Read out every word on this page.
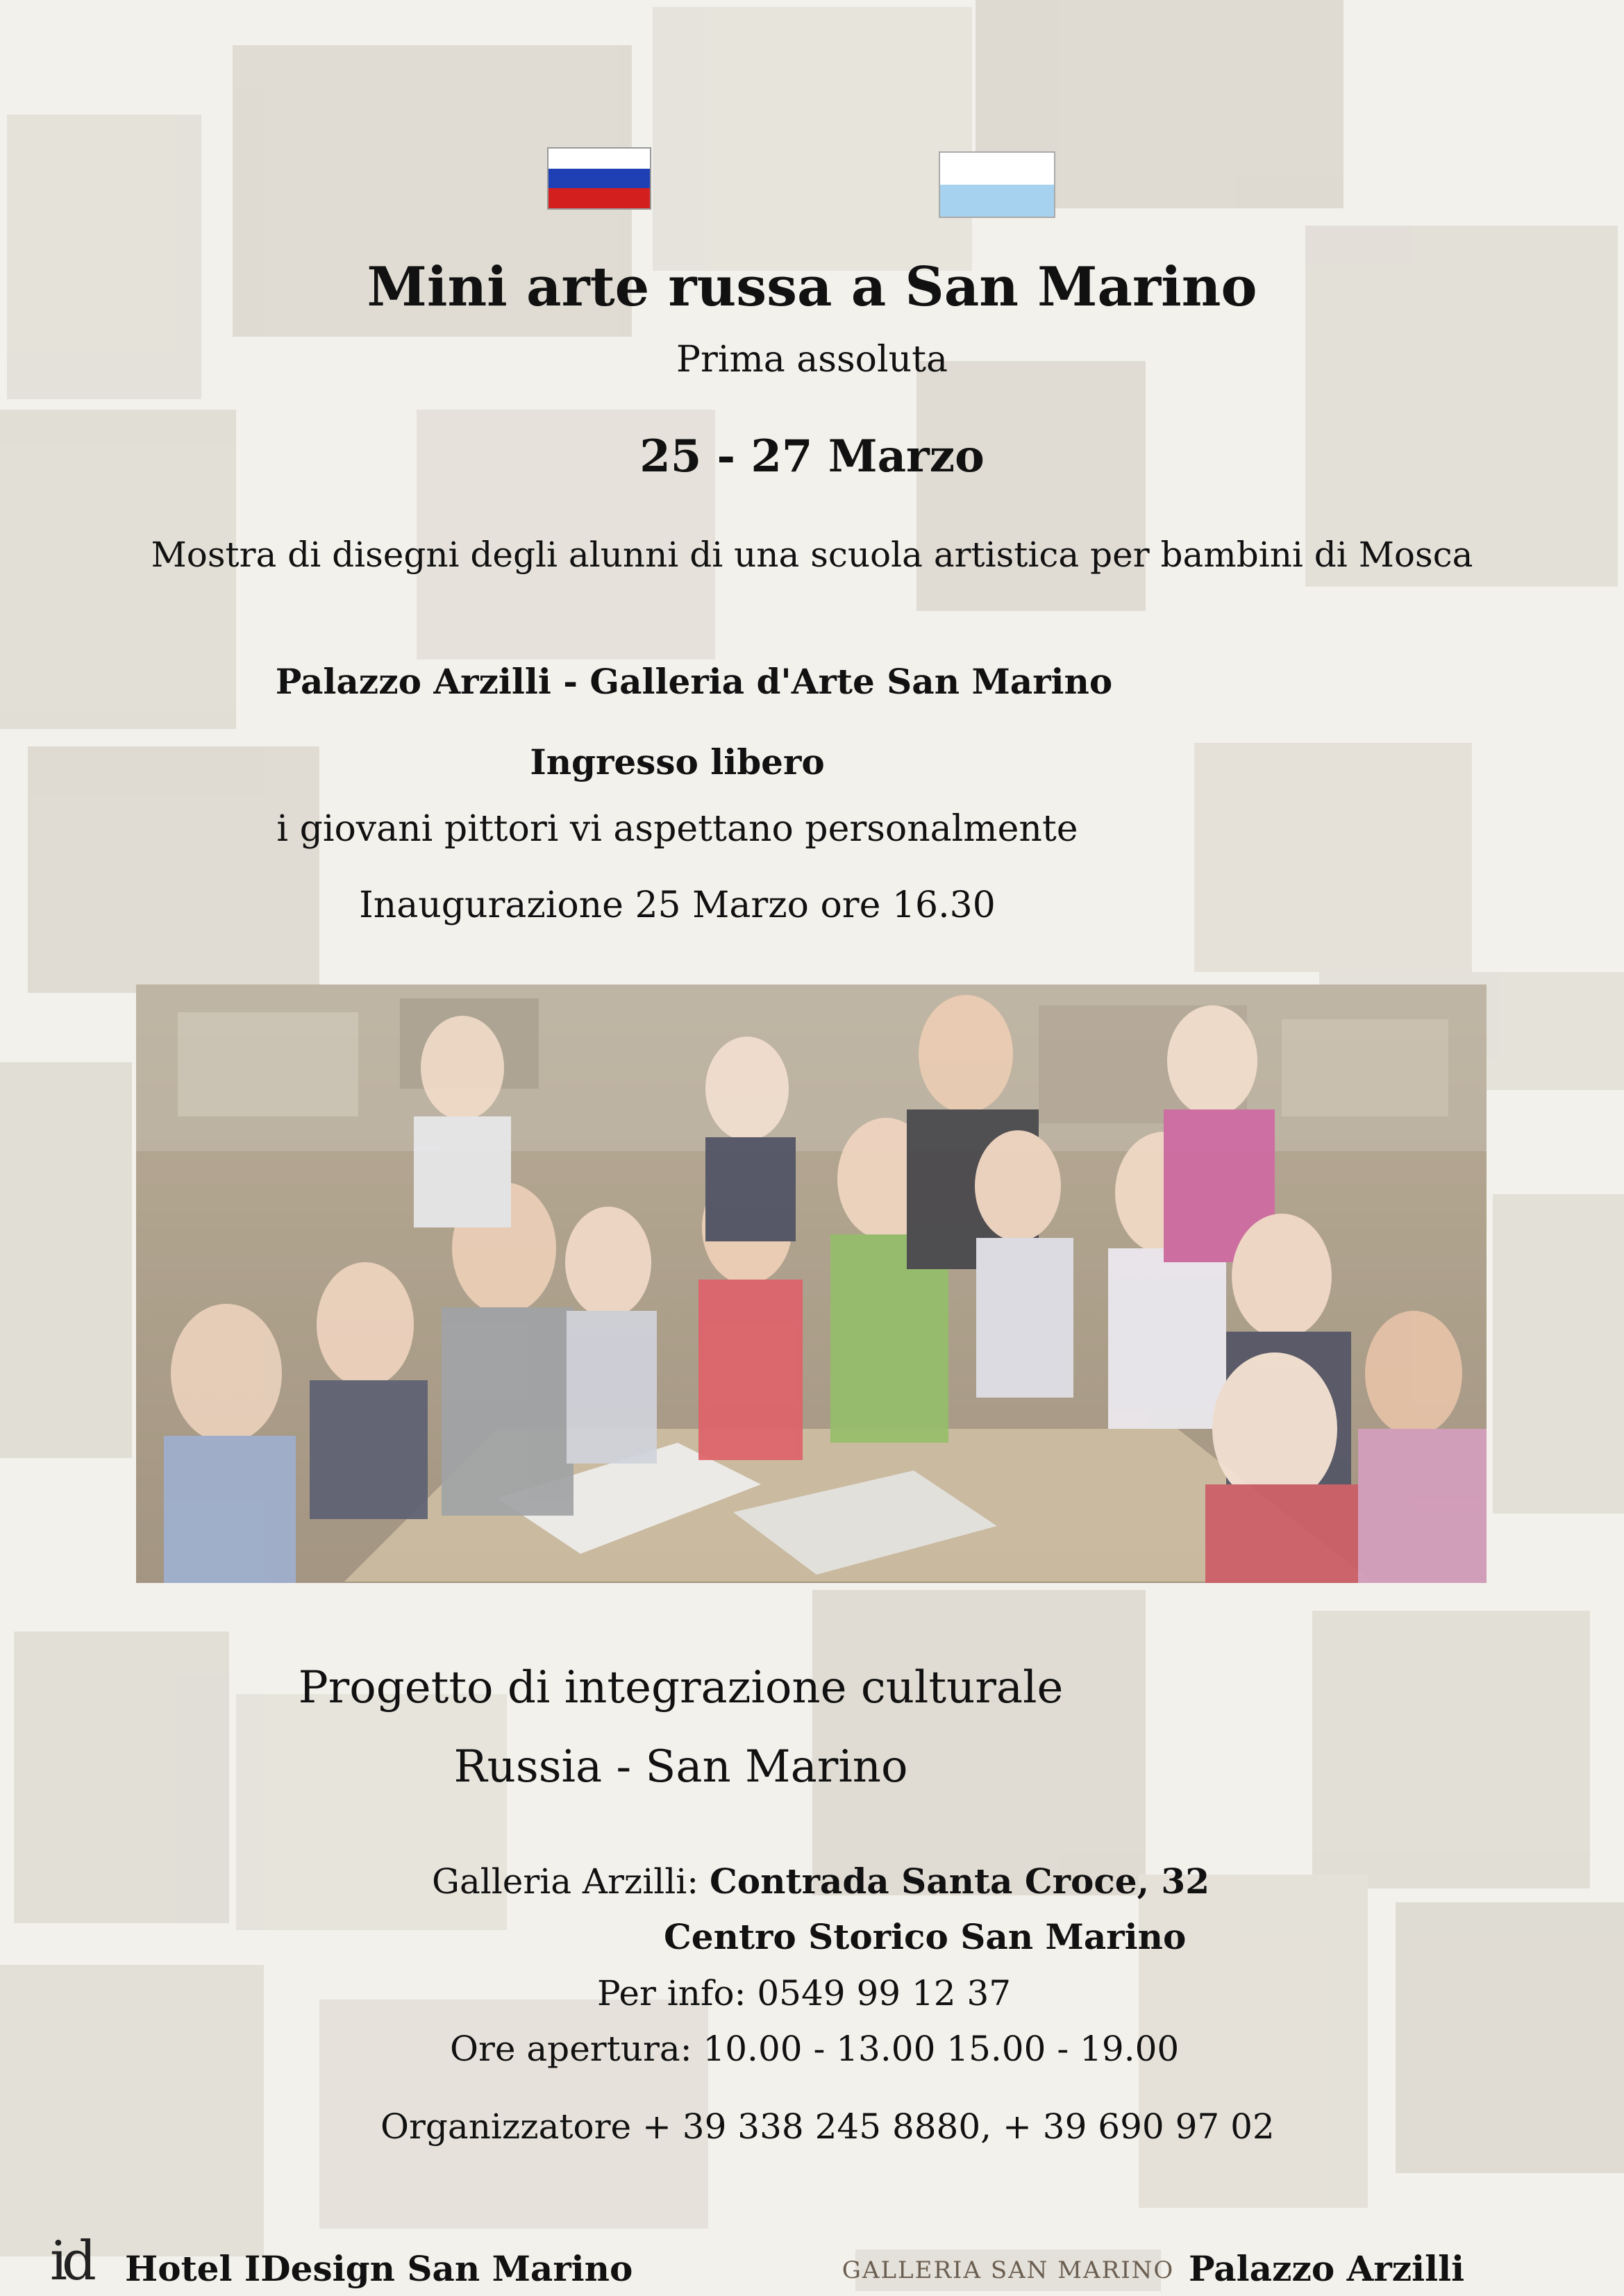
Mini arte russa a San Marino
Prima assoluta
25 - 27 Marzo
Mostra di disegni degli alunni di una scuola artistica per bambini di Mosca
Palazzo Arzilli - Galleria d'Arte San Marino
Ingresso libero
i giovani pittori vi aspettano personalmente
Inaugurazione 25 Marzo ore 16.30
Progetto di integrazione culturale
Russia - San Marino
Galleria Arzilli: Contrada Santa Croce, 32
Centro Storico San Marino
Per info: 0549 99 12 37
Ore apertura: 10.00 - 13.00 15.00 - 19.00
Organizzatore + 39 338 245 8880, + 39 690 97 02
id Hotel IDesign San Marino	GALLERIA SAN MARINO Palazzo Arzilli
